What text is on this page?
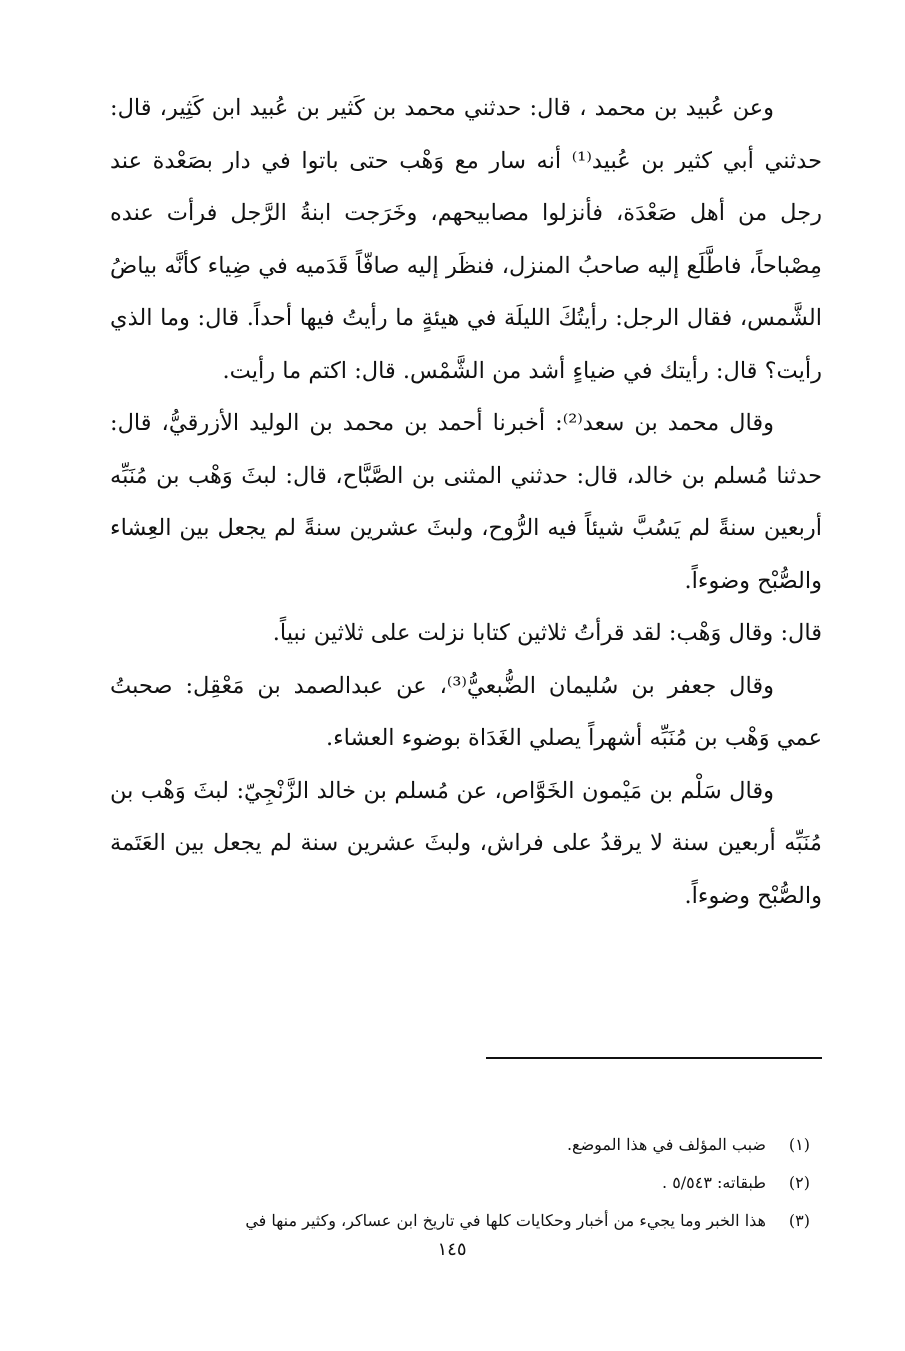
وعن عُبيد بن محمد ، قال: حدثني محمد بن كَثير بن عُبيد ابن كَثِير، قال: حدثني أبي كثير بن عُبيد⁽¹⁾ أنه سار مع وَهْب حتى باتوا في دار بصَعْدة عند رجل من أهل صَعْدَة، فأنزلوا مصابيحهم، وخَرَجت ابنةُ الرَّجل فرأت عنده مِصْباحاً، فاطَّلَع إليه صاحبُ المنزل، فنظَر إليه صافّاً قَدَميه في ضِياء كأنَّه بياضُ الشَّمس، فقال الرجل: رأيتُكَ الليلَة في هيئةٍ ما رأيتُ فيها أحداً. قال: وما الذي رأيت؟ قال: رأيتك في ضياءٍ أشد من الشَّمْس. قال: اكتم ما رأيت.

وقال محمد بن سعد⁽²⁾: أخبرنا أحمد بن محمد بن الوليد الأزرقيُّ، قال: حدثنا مُسلم بن خالد، قال: حدثني المثنى بن الصَّبَّاح، قال: لبثَ وَهْب بن مُنَبِّه أربعين سنةً لم يَسُبَّ شيئاً فيه الرُّوح، ولبثَ عشرين سنةً لم يجعل بين العِشاء والصُّبْح وضوءاً.

قال: وقال وَهْب: لقد قرأتُ ثلاثين كتابا نزلت على ثلاثين نبياً.

وقال جعفر بن سُليمان الضُّبعيُّ⁽³⁾، عن عبدالصمد بن مَعْقِل: صحبتُ عمي وَهْب بن مُنَبِّه أشهراً يصلي الغَدَاة بوضوء العشاء.

وقال سَلْم بن مَيْمون الخَوَّاص، عن مُسلم بن خالد الزَّنْجِيّ: لبثَ وَهْب بن مُنَبِّه أربعين سنة لا يرقدُ على فراش، ولبثَ عشرين سنة لم يجعل بين العَتَمة والصُّبْح وضوءاً.

(١)
ضبب المؤلف في هذا الموضع.
(٢)
طبقاته: ٥/٥٤٣ .
(٣)
هذا الخبر وما يجيء من أخبار وحكايات كلها في تاريخ ابن عساكر، وكثير منها في
١٤٥
